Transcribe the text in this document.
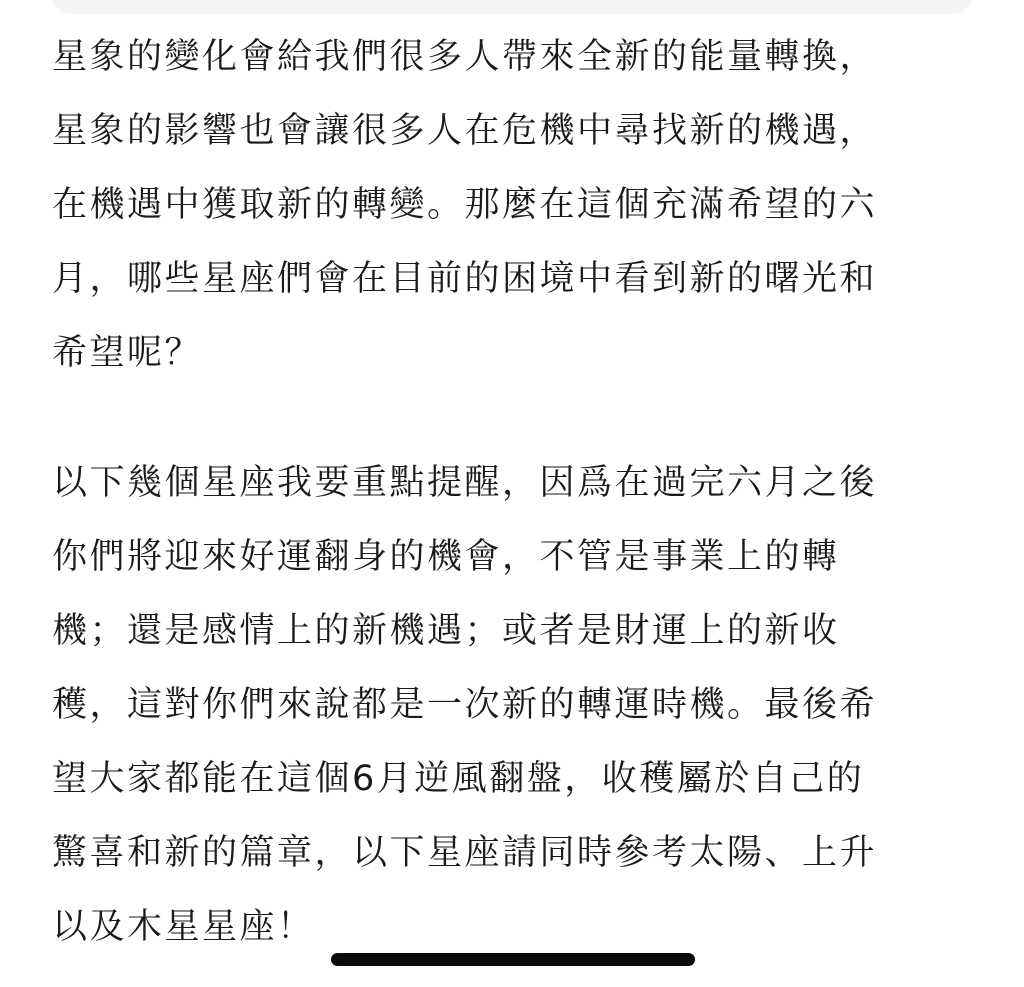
星象的變化會給我們很多人帶來全新的能量轉換，
星象的影響也會讓很多人在危機中尋找新的機遇，
在機遇中獲取新的轉變。那麼在這個充滿希望的六
月，哪些星座們會在目前的困境中看到新的曙光和
希望呢？
以下幾個星座我要重點提醒，因爲在過完六月之後
你們將迎來好運翻身的機會，不管是事業上的轉
機；還是感情上的新機遇；或者是財運上的新收
穫，這對你們來說都是一次新的轉運時機。最後希
望大家都能在這個6月逆風翻盤，收穫屬於自己的
驚喜和新的篇章，以下星座請同時參考太陽、上升
以及木星星座！
